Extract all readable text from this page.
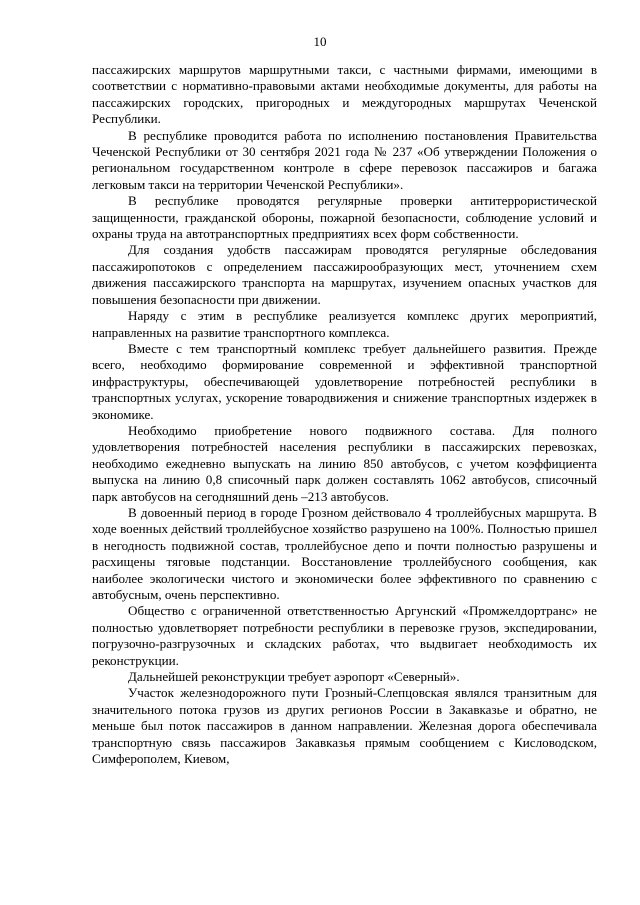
10

пассажирских маршрутов маршрутными такси, с частными фирмами, имеющими в соответствии с нормативно-правовыми актами необходимые документы, для работы на пассажирских городских, пригородных и междугородных маршрутах Чеченской Республики.

В республике проводится работа по исполнению постановления Правительства Чеченской Республики от 30 сентября 2021 года № 237 «Об утверждении Положения о региональном государственном контроле в сфере перевозок пассажиров и багажа легковым такси на территории Чеченской Республики».

В республике проводятся регулярные проверки антитеррористической защищенности, гражданской обороны, пожарной безопасности, соблюдение условий и охраны труда на автотранспортных предприятиях всех форм собственности.

Для создания удобств пассажирам проводятся регулярные обследования пассажиропотоков с определением пассажирообразующих мест, уточнением схем движения пассажирского транспорта на маршрутах, изучением опасных участков для повышения безопасности при движении.

Наряду с этим в республике реализуется комплекс других мероприятий, направленных на развитие транспортного комплекса.

Вместе с тем транспортный комплекс требует дальнейшего развития. Прежде всего, необходимо формирование современной и эффективной транспортной инфраструктуры, обеспечивающей удовлетворение потребностей республики в транспортных услугах, ускорение товародвижения и снижение транспортных издержек в экономике.

Необходимо приобретение нового подвижного состава. Для полного удовлетворения потребностей населения республики в пассажирских перевозках, необходимо ежедневно выпускать на линию 850 автобусов, с учетом коэффициента выпуска на линию 0,8 списочный парк должен составлять 1062 автобусов, списочный парк автобусов на сегодняшний день –213 автобусов.

В довоенный период в городе Грозном действовало 4 троллейбусных маршрута. В ходе военных действий троллейбусное хозяйство разрушено на 100%. Полностью пришел в негодность подвижной состав, троллейбусное депо и почти полностью разрушены и расхищены тяговые подстанции. Восстановление троллейбусного сообщения, как наиболее экологически чистого и экономически более эффективного по сравнению с автобусным, очень перспективно.

Общество с ограниченной ответственностью Аргунский «Промжелдортранс» не полностью удовлетворяет потребности республики в перевозке грузов, экспедировании, погрузочно-разгрузочных и складских работах, что выдвигает необходимость их реконструкции.

Дальнейшей реконструкции требует аэропорт «Северный».

Участок железнодорожного пути Грозный-Слепцовская являлся транзитным для значительного потока грузов из других регионов России в Закавказье и обратно, не меньше был поток пассажиров в данном направлении. Железная дорога обеспечивала транспортную связь пассажиров Закавказья прямым сообщением с Кисловодском, Симферополем, Киевом,
